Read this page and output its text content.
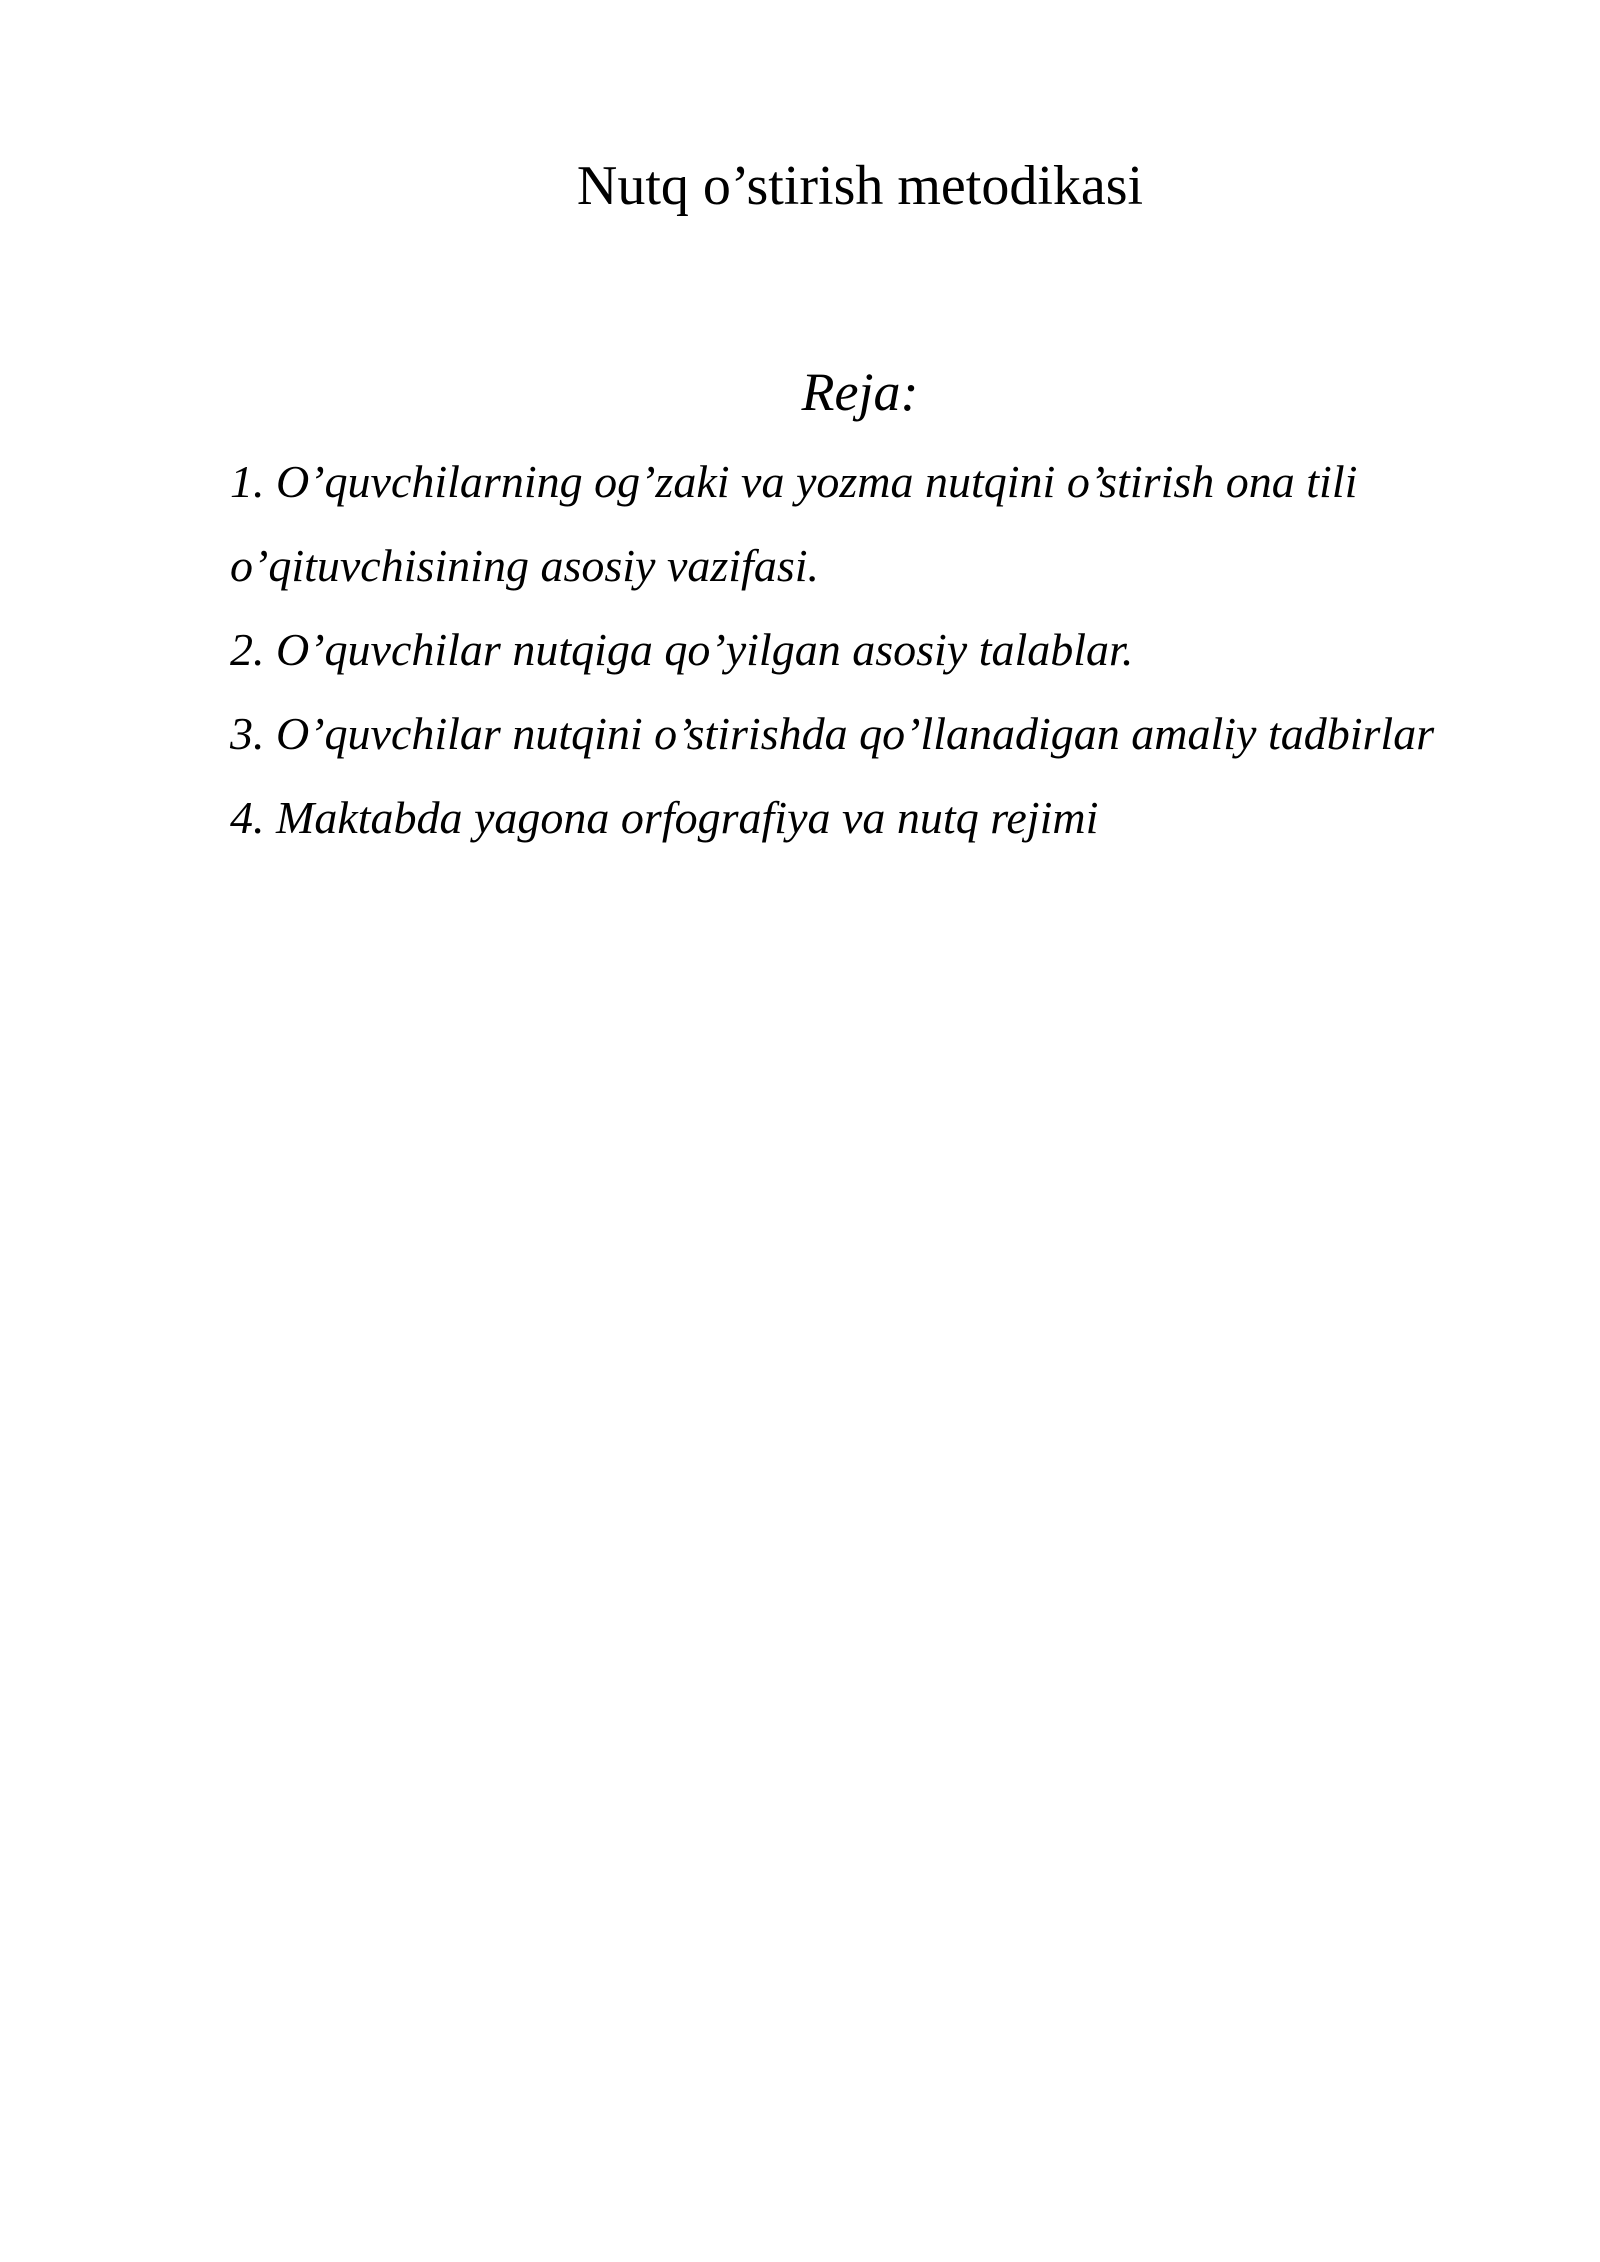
Nutq o’stirish metodikasi
Reja:
1. O’quvchilarning og’zaki va yozma nutqini o’stirish ona tili o’qituvchisining asosiy vazifasi.
2. O’quvchilar nutqiga qo’yilgan asosiy talablar.
3. O’quvchilar nutqini o’stirishda qo’llanadigan amaliy tadbirlar
4. Maktabda yagona orfografiya va nutq rejimi
